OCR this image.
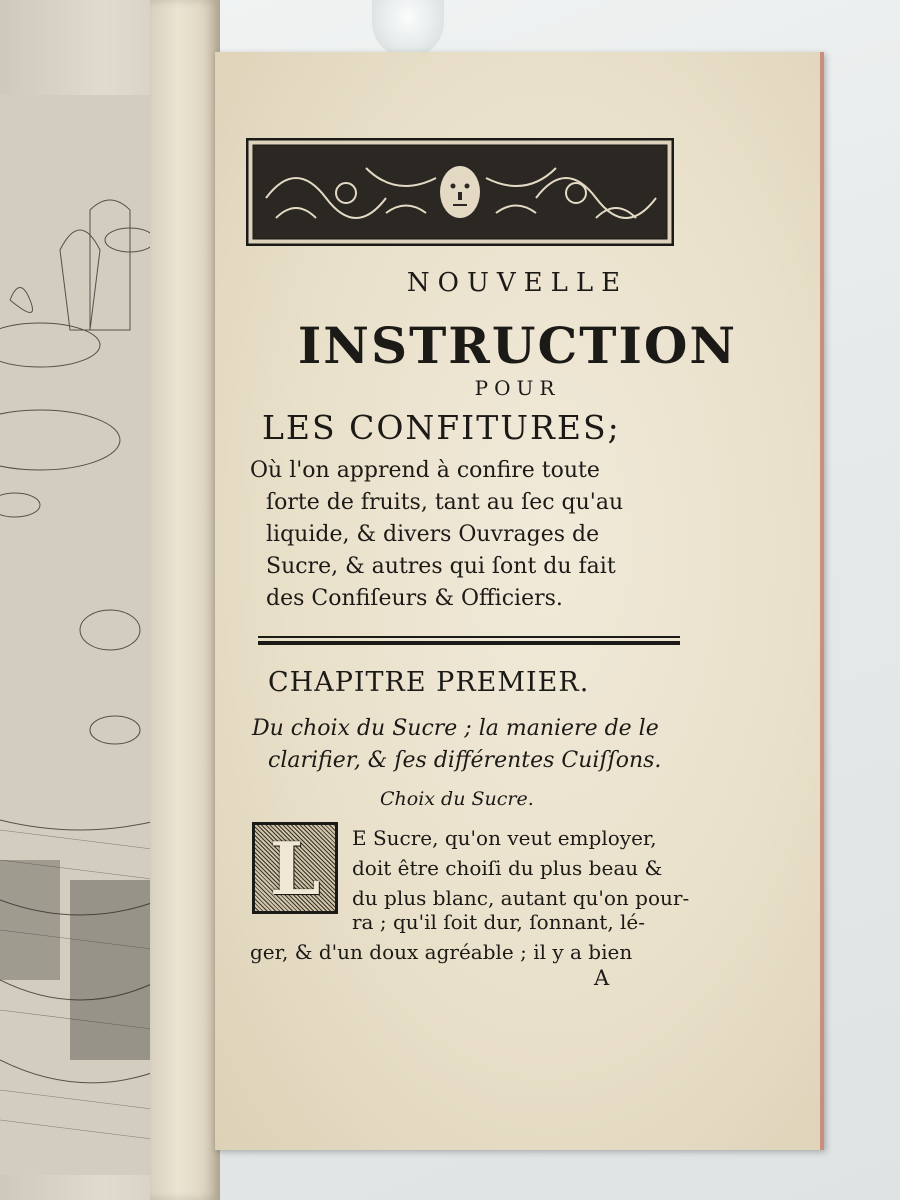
NOUVELLE
INSTRUCTION
POUR
LES CONFITURES;
Où l'on apprend à confire toute
ſorte de fruits, tant au ſec qu'au
liquide, & divers Ouvrages de
Sucre, & autres qui ſont du fait
des Confiſeurs & Officiers.
CHAPITRE PREMIER.
Du choix du Sucre ; la maniere de le
clarifier, & ſes différentes Cuiſſons.
Choix du Sucre.
L	E Sucre, qu'on veut employer,
doit être choiſi du plus beau &
du plus blanc, autant qu'on pour-
ra ; qu'il ſoit dur, ſonnant, lé-
ger, & d'un doux agréable ; il y a bien
A
